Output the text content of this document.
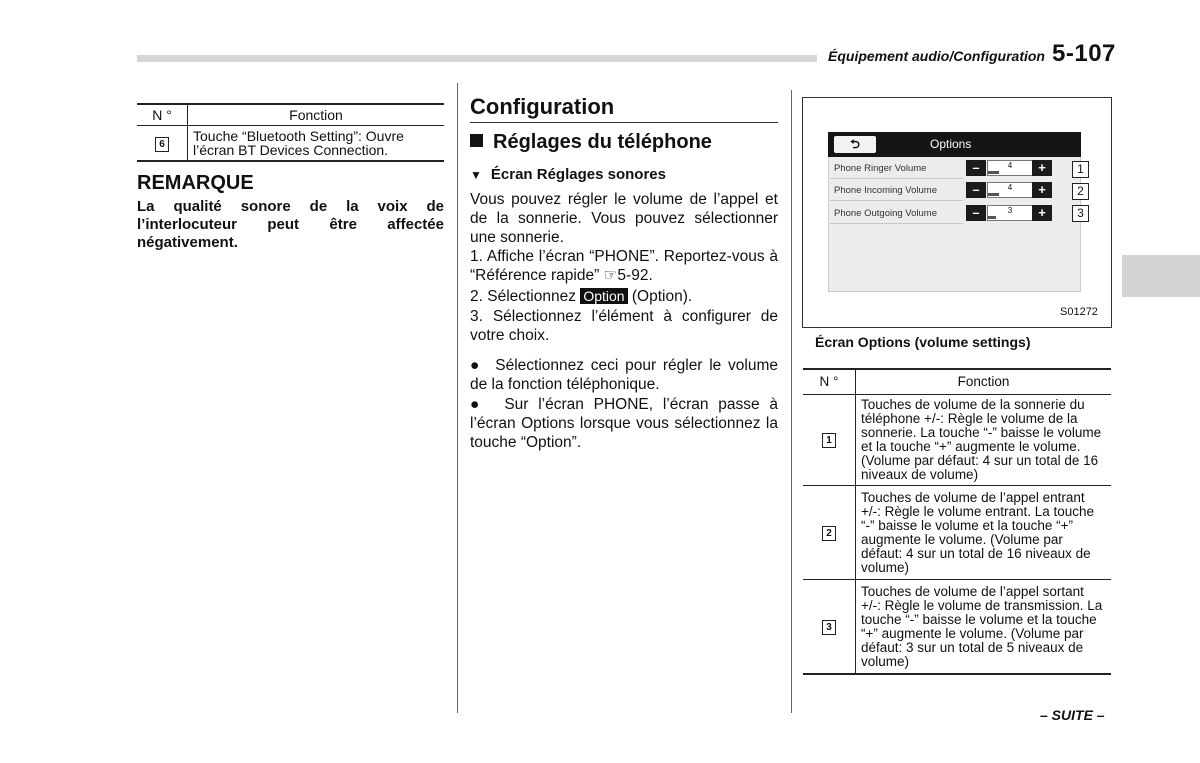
Équipement audio/Configuration 5-107
N °	Fonction
6	Touche “Bluetooth Setting”: Ouvre l’écran BT Devices Connection.
REMARQUE
La qualité sonore de la voix de l’interlocuteur peut être affectée négativement.
Configuration
Réglages du téléphone
▼ Écran Réglages sonores
Vous pouvez régler le volume de l’appel et de la sonnerie. Vous pouvez sélectionner une sonnerie.
1. Affiche l’écran “PHONE”. Reportez-vous à “Référence rapide” ☞5-92.
2. Sélectionnez Option (Option).
3. Sélectionnez l’élément à configurer de votre choix.
● Sélectionnez ceci pour régler le volume de la fonction téléphonique.
● Sur l’écran PHONE, l’écran passe à l’écran Options lorsque vous sélectionnez la touche “Option”.
⮌	Options
Phone Ringer Volume	–	4	+	1
Phone Incoming Volume	–	4	+	2
Phone Outgoing Volume	–	3	+	3
S01272
Écran Options (volume settings)
N °	Fonction
1	Touches de volume de la sonnerie du téléphone +/-: Règle le volume de la sonnerie. La touche “-” baisse le volume et la touche “+” augmente le volume. (Volume par défaut: 4 sur un total de 16 niveaux de volume)
2	Touches de volume de l’appel entrant +/-: Règle le volume entrant. La touche “-” baisse le volume et la touche “+” augmente le volume. (Volume par défaut: 4 sur un total de 16 niveaux de volume)
3	Touches de volume de l’appel sortant +/-: Règle le volume de transmission. La touche “-” baisse le volume et la touche “+” augmente le volume. (Volume par défaut: 3 sur un total de 5 niveaux de volume)
– SUITE –
